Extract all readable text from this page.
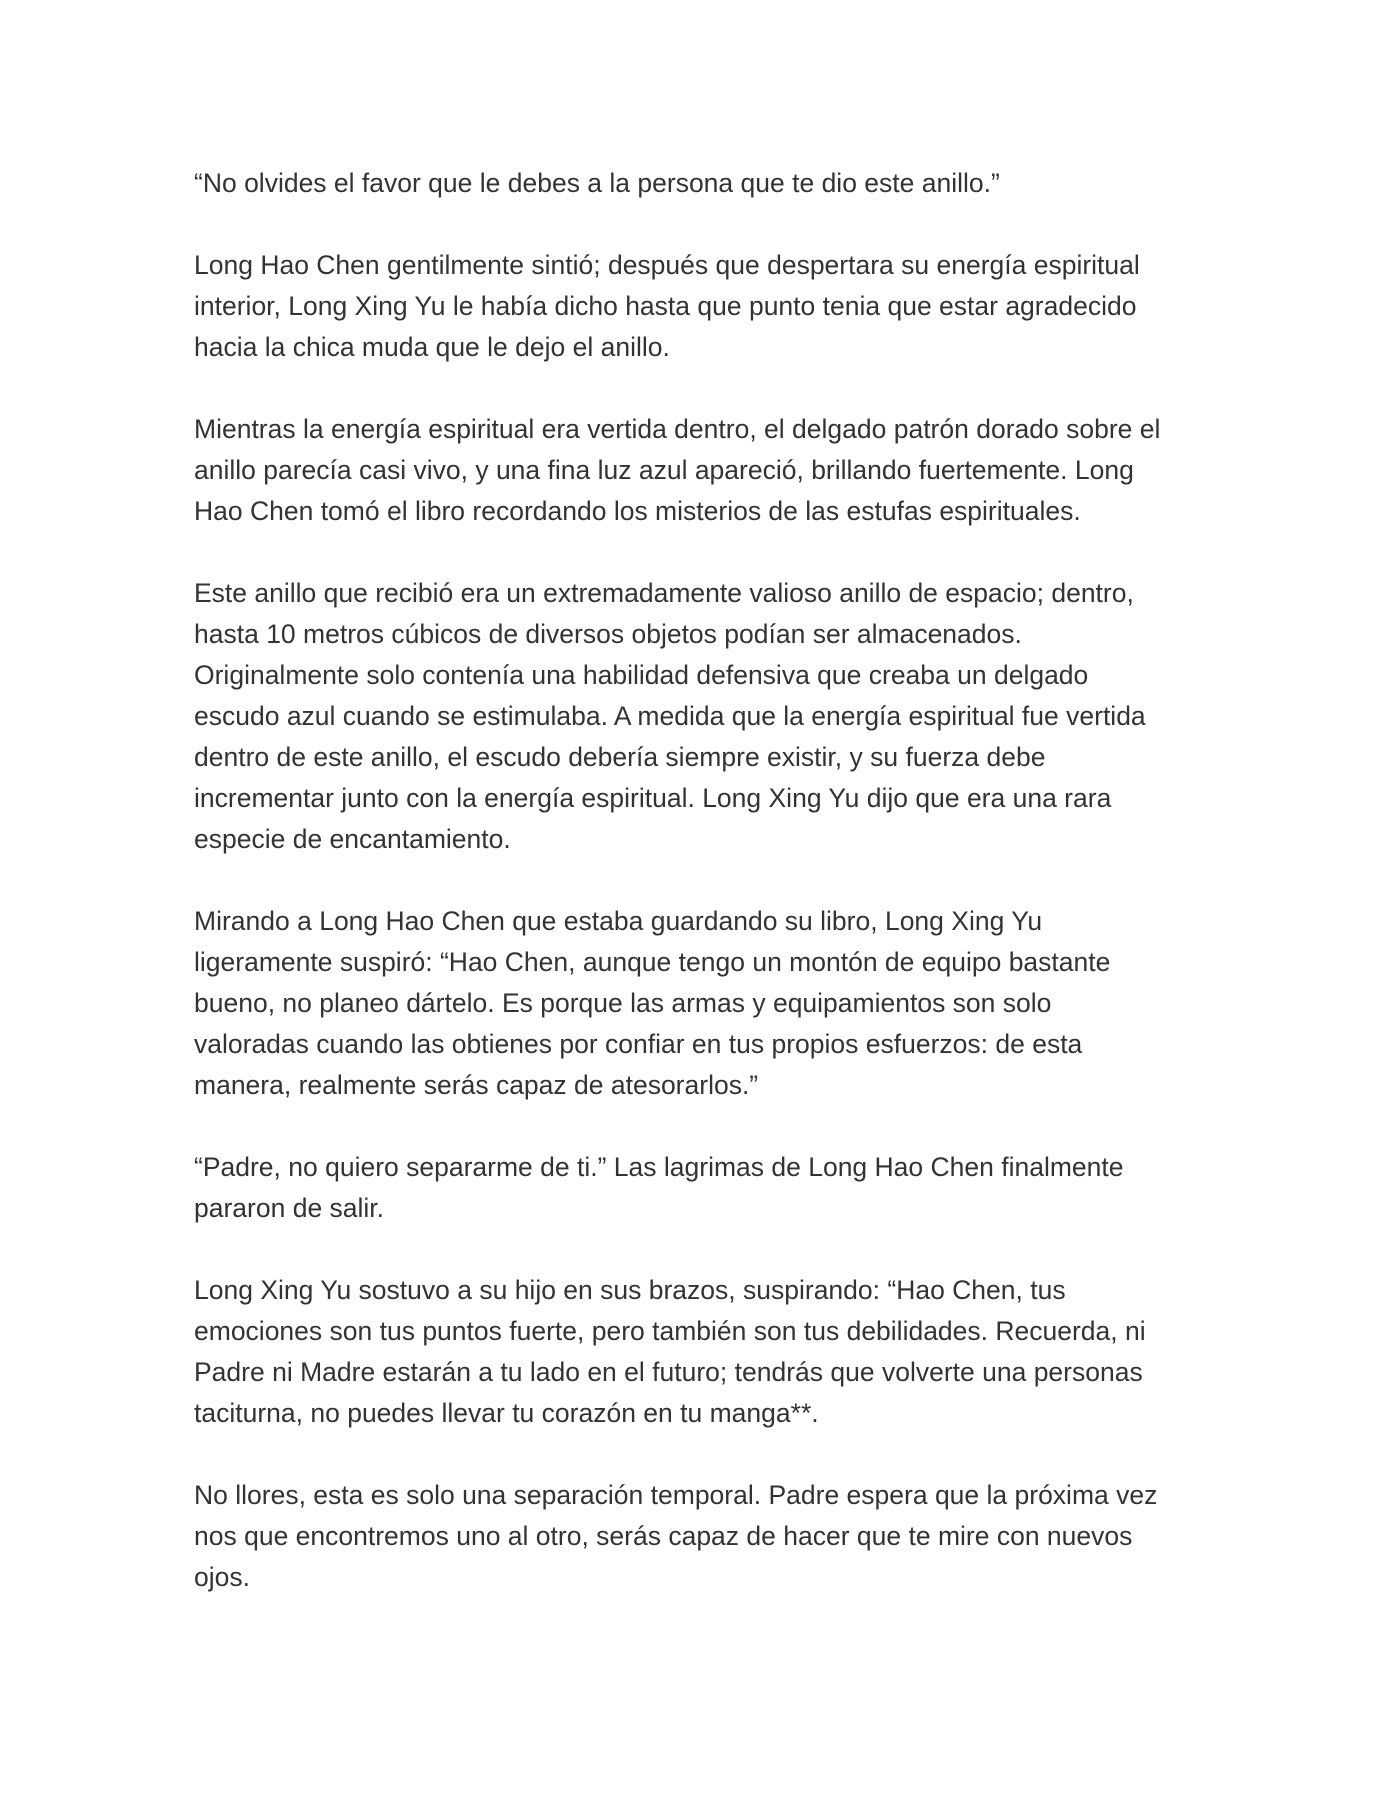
“No olvides el favor que le debes a la persona que te dio este anillo.”

Long Hao Chen gentilmente sintió; después que despertara su energía espiritual
interior, Long Xing Yu le había dicho hasta que punto tenia que estar agradecido
hacia la chica muda que le dejo el anillo.

Mientras la energía espiritual era vertida dentro, el delgado patrón dorado sobre el
anillo parecía casi vivo, y una fina luz azul apareció, brillando fuertemente. Long
Hao Chen tomó el libro recordando los misterios de las estufas espirituales.

Este anillo que recibió era un extremadamente valioso anillo de espacio; dentro,
hasta 10 metros cúbicos de diversos objetos podían ser almacenados.
Originalmente solo contenía una habilidad defensiva que creaba un delgado
escudo azul cuando se estimulaba. A medida que la energía espiritual fue vertida
dentro de este anillo, el escudo debería siempre existir, y su fuerza debe
incrementar junto con la energía espiritual. Long Xing Yu dijo que era una rara
especie de encantamiento.

Mirando a Long Hao Chen que estaba guardando su libro, Long Xing Yu
ligeramente suspiró: “Hao Chen, aunque tengo un montón de equipo bastante
bueno, no planeo dártelo. Es porque las armas y equipamientos son solo
valoradas cuando las obtienes por confiar en tus propios esfuerzos: de esta
manera, realmente serás capaz de atesorarlos.”

“Padre, no quiero separarme de ti.” Las lagrimas de Long Hao Chen finalmente
pararon de salir.

Long Xing Yu sostuvo a su hijo en sus brazos, suspirando: “Hao Chen, tus
emociones son tus puntos fuerte, pero también son tus debilidades. Recuerda, ni
Padre ni Madre estarán a tu lado en el futuro; tendrás que volverte una personas
taciturna, no puedes llevar tu corazón en tu manga**.

No llores, esta es solo una separación temporal. Padre espera que la próxima vez
nos que encontremos uno al otro, serás capaz de hacer que te mire con nuevos
ojos.
